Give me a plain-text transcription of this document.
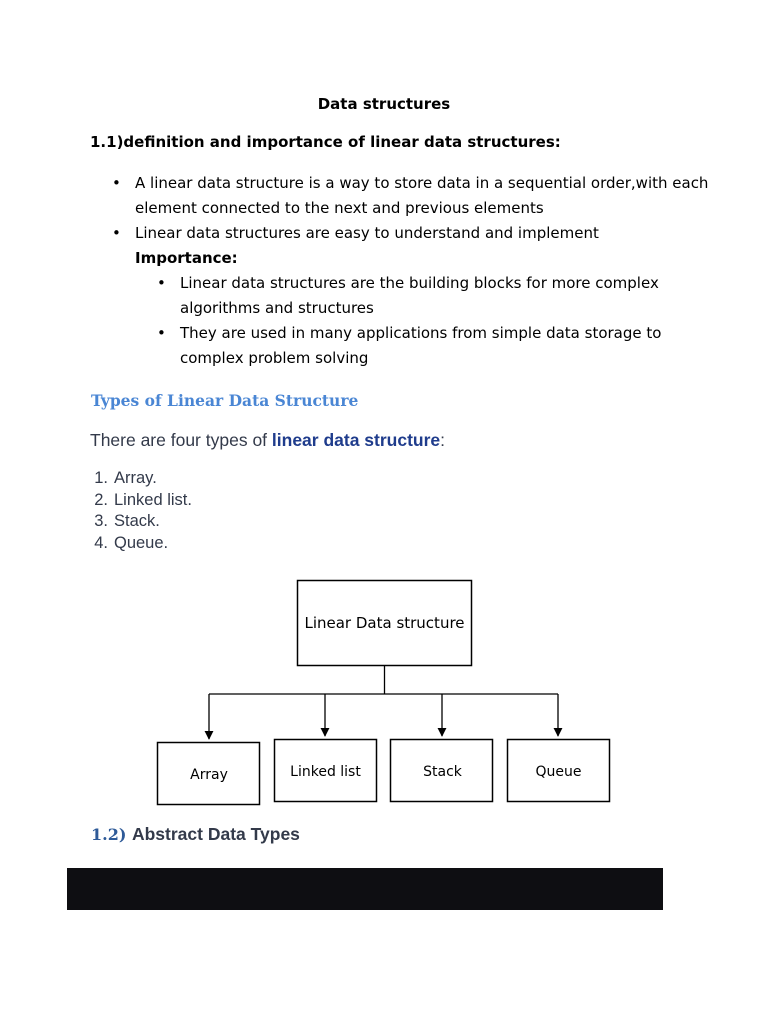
Data structures
1.1)definition and importance of linear data structures:
• A linear data structure is a way to store data in a sequential order,with each element connected to the next and previous elements
• Linear data structures are easy to understand and implement
Importance:
• Linear data structures are the building blocks for more complex algorithms and structures
• They are used in many applications from simple data storage to complex problem solving
Types of Linear Data Structure
There are four types of linear data structure:
1. Array.
2. Linked list.
3. Stack.
4. Queue.
Linear Data structure
Array	Linked list	Stack	Queue
1.2) Abstract Data Types
